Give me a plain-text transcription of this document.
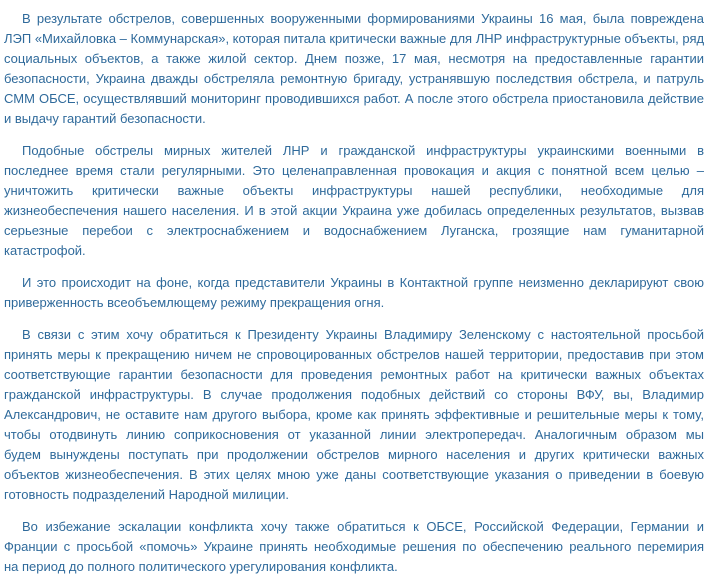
В результате обстрелов, совершенных вооруженными формированиями Украины 16 мая, была повреждена
ЛЭП «Михайловка – Коммунарская», которая питала критически важные для ЛНР инфраструктурные объекты, ряд
социальных объектов, а также жилой сектор. Днем позже, 17 мая, несмотря на предоставленные гарантии
безопасности, Украина дважды обстреляла ремонтную бригаду, устранявшую последствия обстрела, и патруль
СММ ОБСЕ, осуществлявший мониторинг проводившихся работ. А после этого обстрела приостановила действие
и выдачу гарантий безопасности.
Подобные обстрелы мирных жителей ЛНР и гражданской инфраструктуры украинскими военными в
последнее время стали регулярными. Это целенаправленная провокация и акция с понятной всем целью –
уничтожить критически важные объекты инфраструктуры нашей республики, необходимые для
жизнеобеспечения нашего населения. И в этой акции Украина уже добилась определенных результатов, вызвав
серьезные перебои с электроснабжением и водоснабжением Луганска, грозящие нам гуманитарной
катастрофой.
И это происходит на фоне, когда представители Украины в Контактной группе неизменно декларируют свою
приверженность всеобъемлющему режиму прекращения огня.
В связи с этим хочу обратиться к Президенту Украины Владимиру Зеленскому с настоятельной просьбой
принять меры к прекращению ничем не спровоцированных обстрелов нашей территории, предоставив при этом
соответствующие гарантии безопасности для проведения ремонтных работ на критически важных объектах
гражданской инфраструктуры. В случае продолжения подобных действий со стороны ВФУ, вы, Владимир
Александрович, не оставите нам другого выбора, кроме как принять эффективные и решительные меры к тому,
чтобы отодвинуть линию соприкосновения от указанной линии электропередач. Аналогичным образом мы
будем вынуждены поступать при продолжении обстрелов мирного населения и других критически важных
объектов жизнеобеспечения. В этих целях мною уже даны соответствующие указания о приведении в боевую
готовность подразделений Народной милиции.
Во избежание эскалации конфликта хочу также обратиться к ОБСЕ, Российской Федерации, Германии и
Франции с просьбой «помочь» Украине принять необходимые решения по обеспечению реального перемирия
на период до полного политического урегулирования конфликта.
